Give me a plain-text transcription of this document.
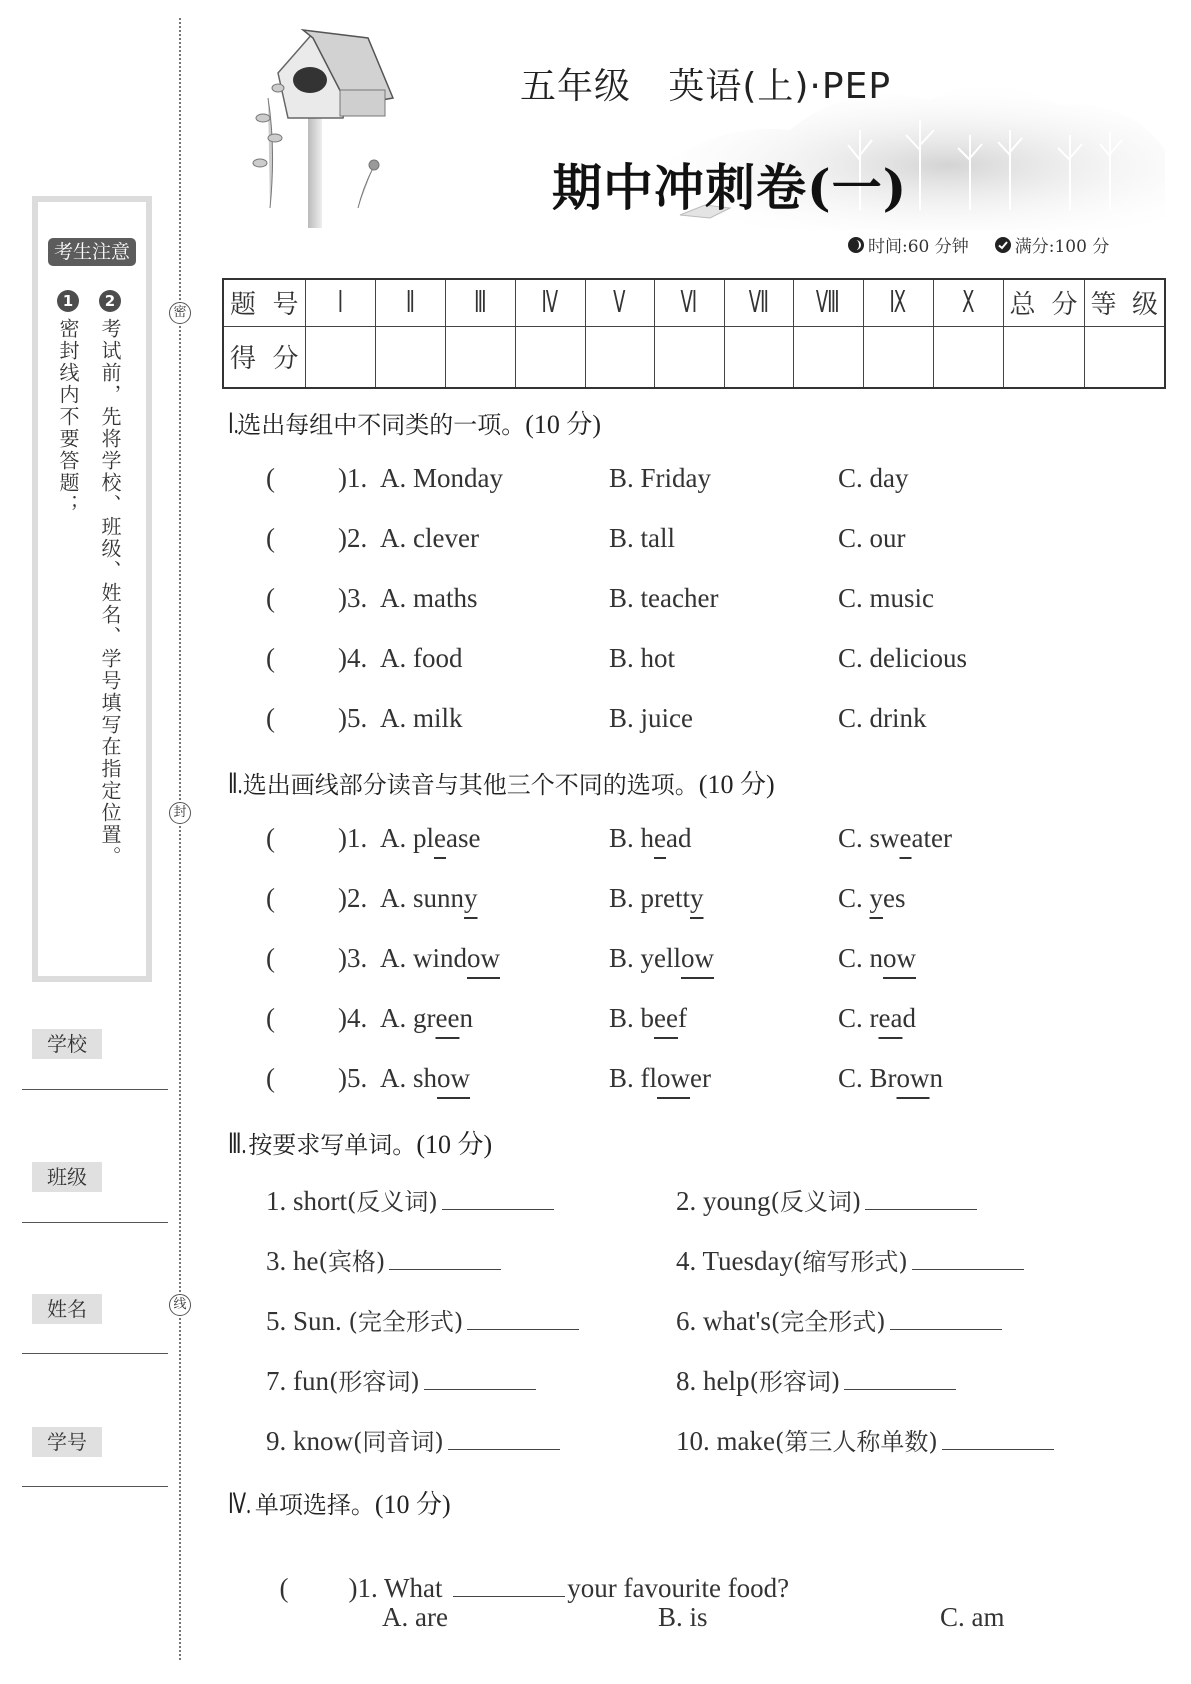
密
封
线
考生注意
1
密封线内不要答题；
2
考试前，先将学校、班级、姓名、学号填写在指定位置。
学校
班级
姓名
学号
五年级   英语(上)·PEP
期中冲刺卷(一)
时间:60 分钟	满分:100 分
题号	Ⅰ	Ⅱ	Ⅲ	Ⅳ	Ⅴ	Ⅵ	Ⅶ	Ⅷ	Ⅸ	Ⅹ	总分	等级
得分												
Ⅰ.选出每组中不同类的一项。(10 分)
( )1. A. Monday	B. Friday	C. day
( )2. A. clever	B. tall	C. our
( )3. A. maths	B. teacher	C. music
( )4. A. food	B. hot	C. delicious
( )5. A. milk	B. juice	C. drink
Ⅱ.选出画线部分读音与其他三个不同的选项。(10 分)
( )1. A. please	B. head	C. sweater
( )2. A. sunny	B. pretty	C. yes
( )3. A. window	B. yellow	C. now
( )4. A. green	B. beef	C. read
( )5. A. show	B. flower	C. Brown
Ⅲ.按要求写单词。(10 分)
1. short(反义词)	2. young(反义词)
3. he(宾格)	4. Tuesday(缩写形式)
5. Sun. (完全形式)	6. what's(完全形式)
7. fun(形容词)	8. help(形容词)
9. know(同音词)	10. make(第三人称单数)
Ⅳ. 单项选择。(10 分)

( )1. What	your favourite food?

A. are	B. is	C. am
